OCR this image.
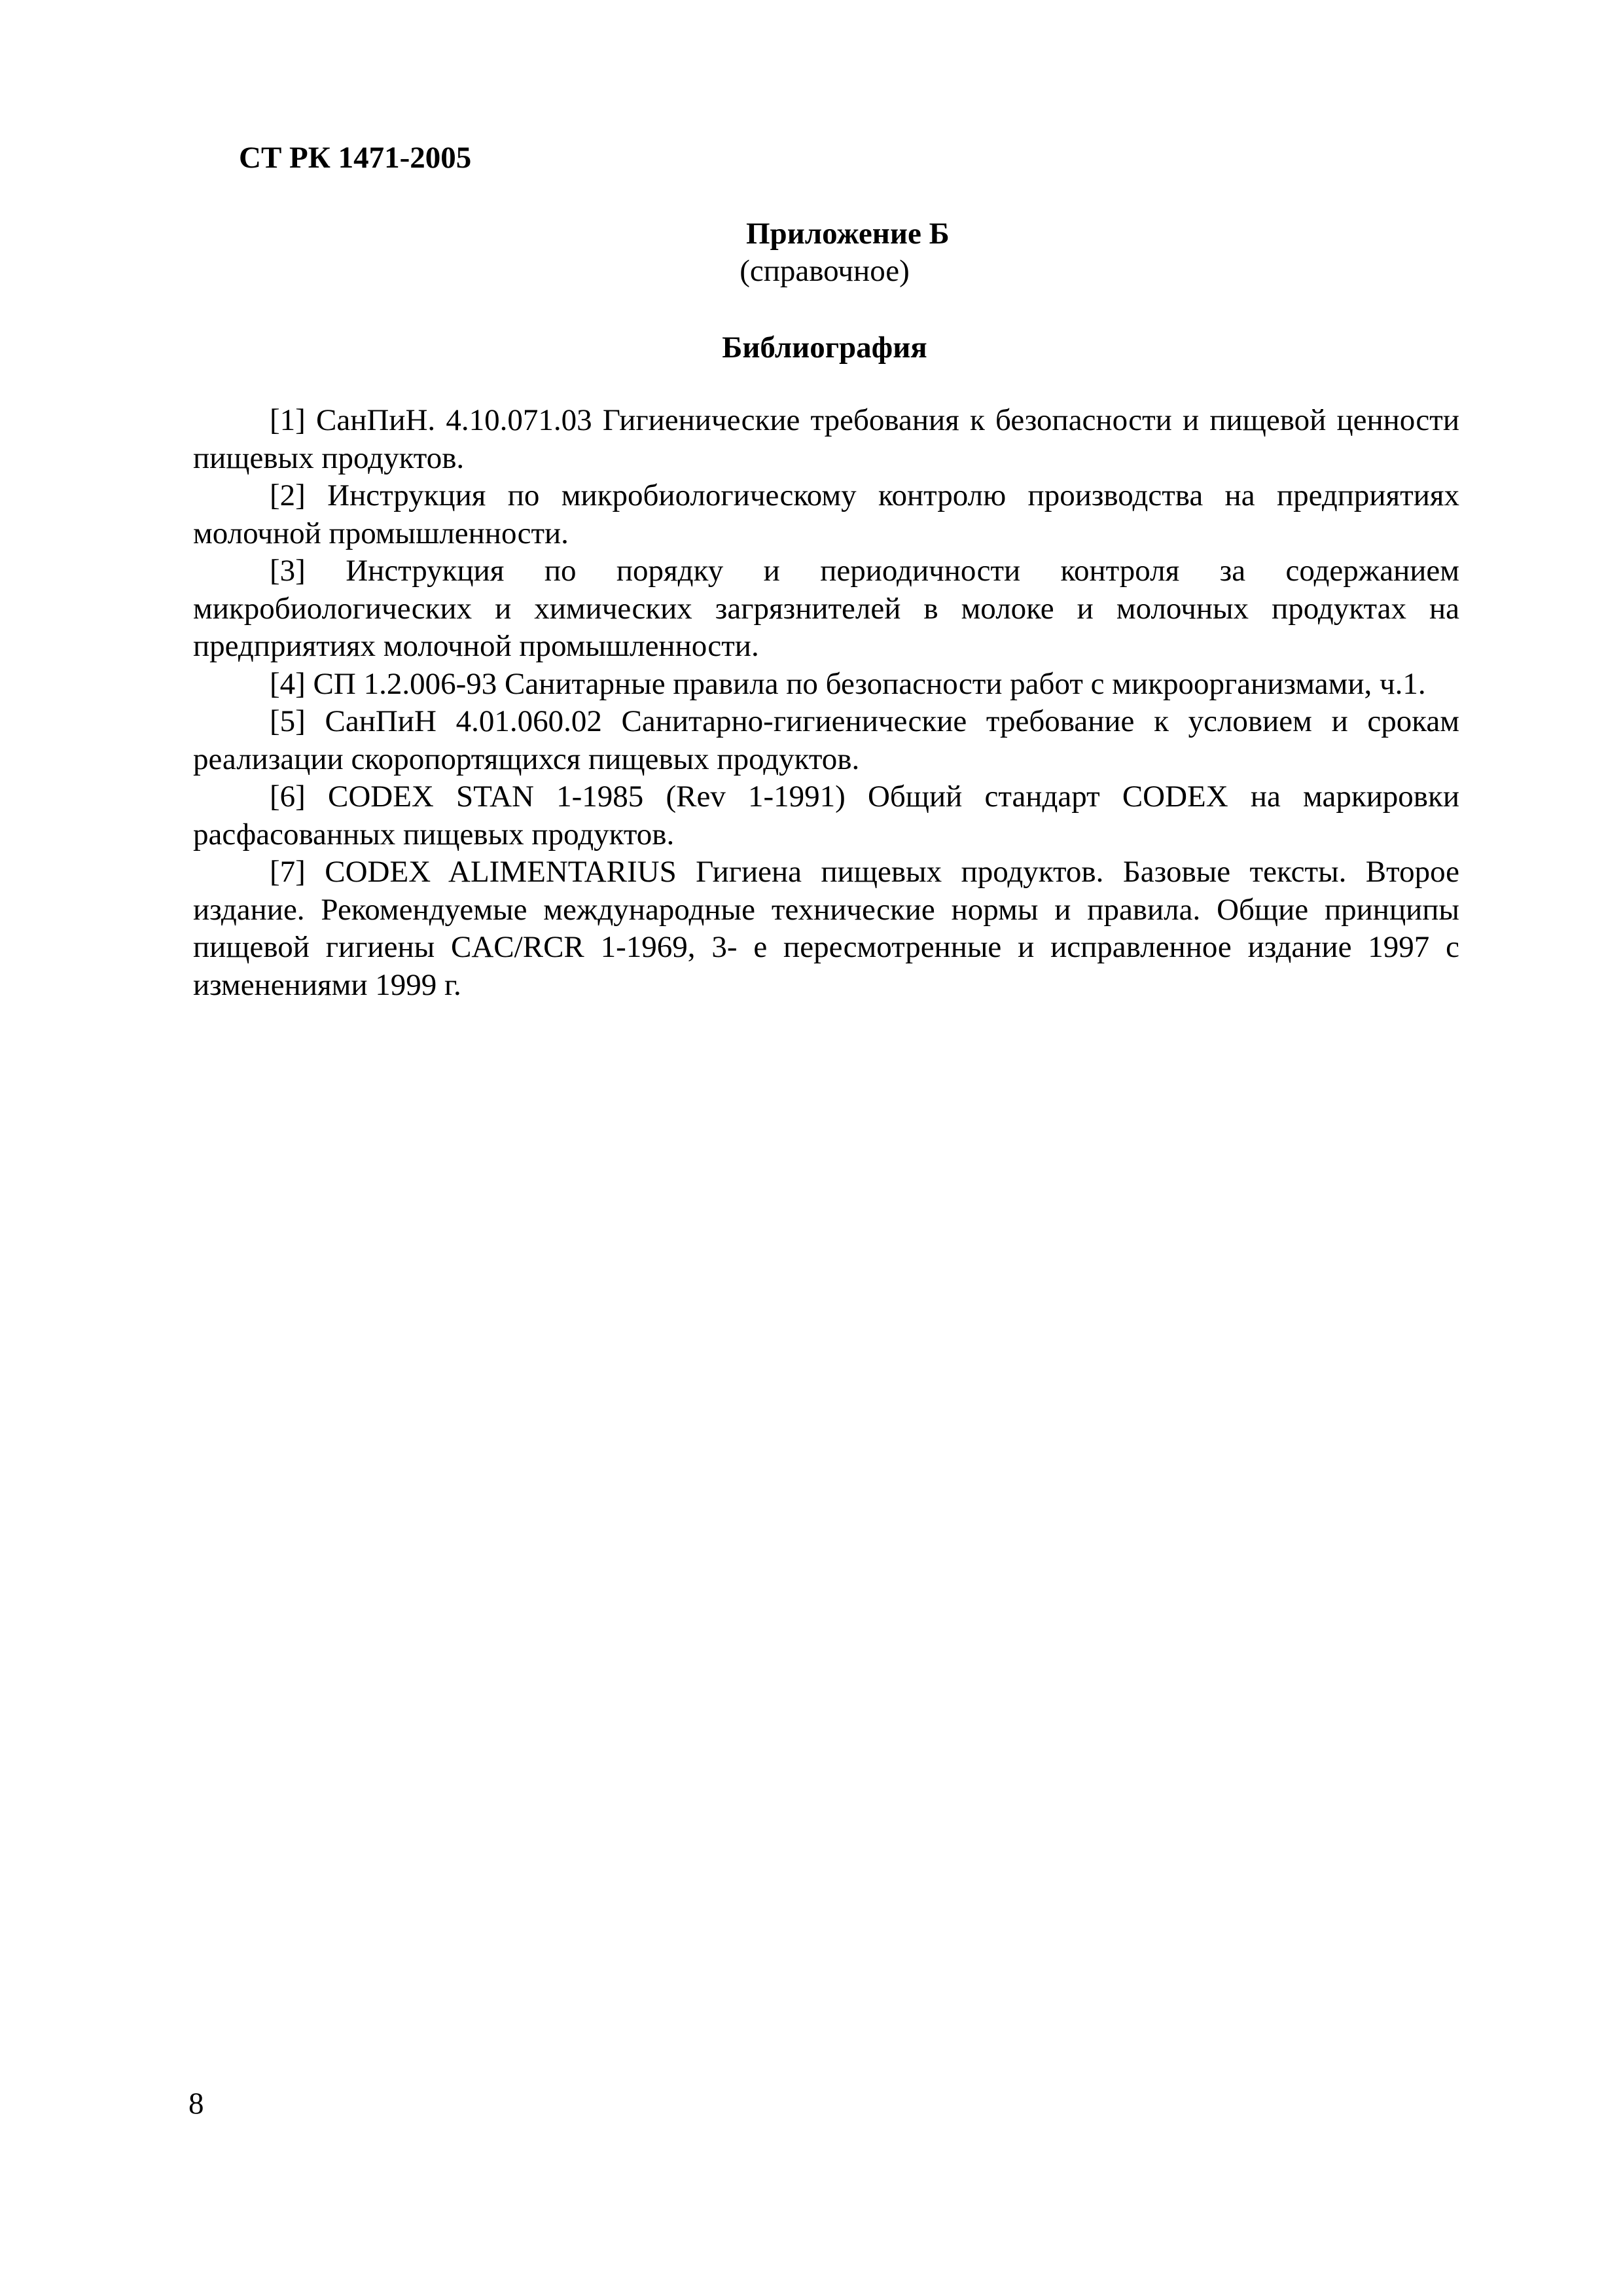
СТ РК 1471-2005
Приложение Б
(справочное)
Библиография
[1] СанПиН. 4.10.071.03 Гигиенические требования к безопасности и пищевой ценности пищевых продуктов.
[2] Инструкция по микробиологическому контролю производства на предприятиях молочной промышленности.
[3] Инструкция по порядку и периодичности контроля за содержанием микробиологических и химических загрязнителей в молоке и молочных продуктах на предприятиях молочной промышленности.
[4] СП 1.2.006-93 Санитарные правила по безопасности работ с микроорганизмами, ч.1.
[5] СанПиН 4.01.060.02 Санитарно-гигиенические требование к условием и срокам реализации скоропортящихся пищевых продуктов.
[6] CODEX STAN 1-1985 (Rev 1-1991) Общий стандарт CODEX на маркировки расфасованных пищевых продуктов.
[7] CODEX ALIMENTARIUS Гигиена пищевых продуктов. Базовые тексты. Второе издание. Рекомендуемые международные технические нормы и правила. Общие принципы пищевой гигиены CAC/RCR 1-1969, 3- е пересмотренные и исправленное издание 1997 с изменениями 1999 г.
8
